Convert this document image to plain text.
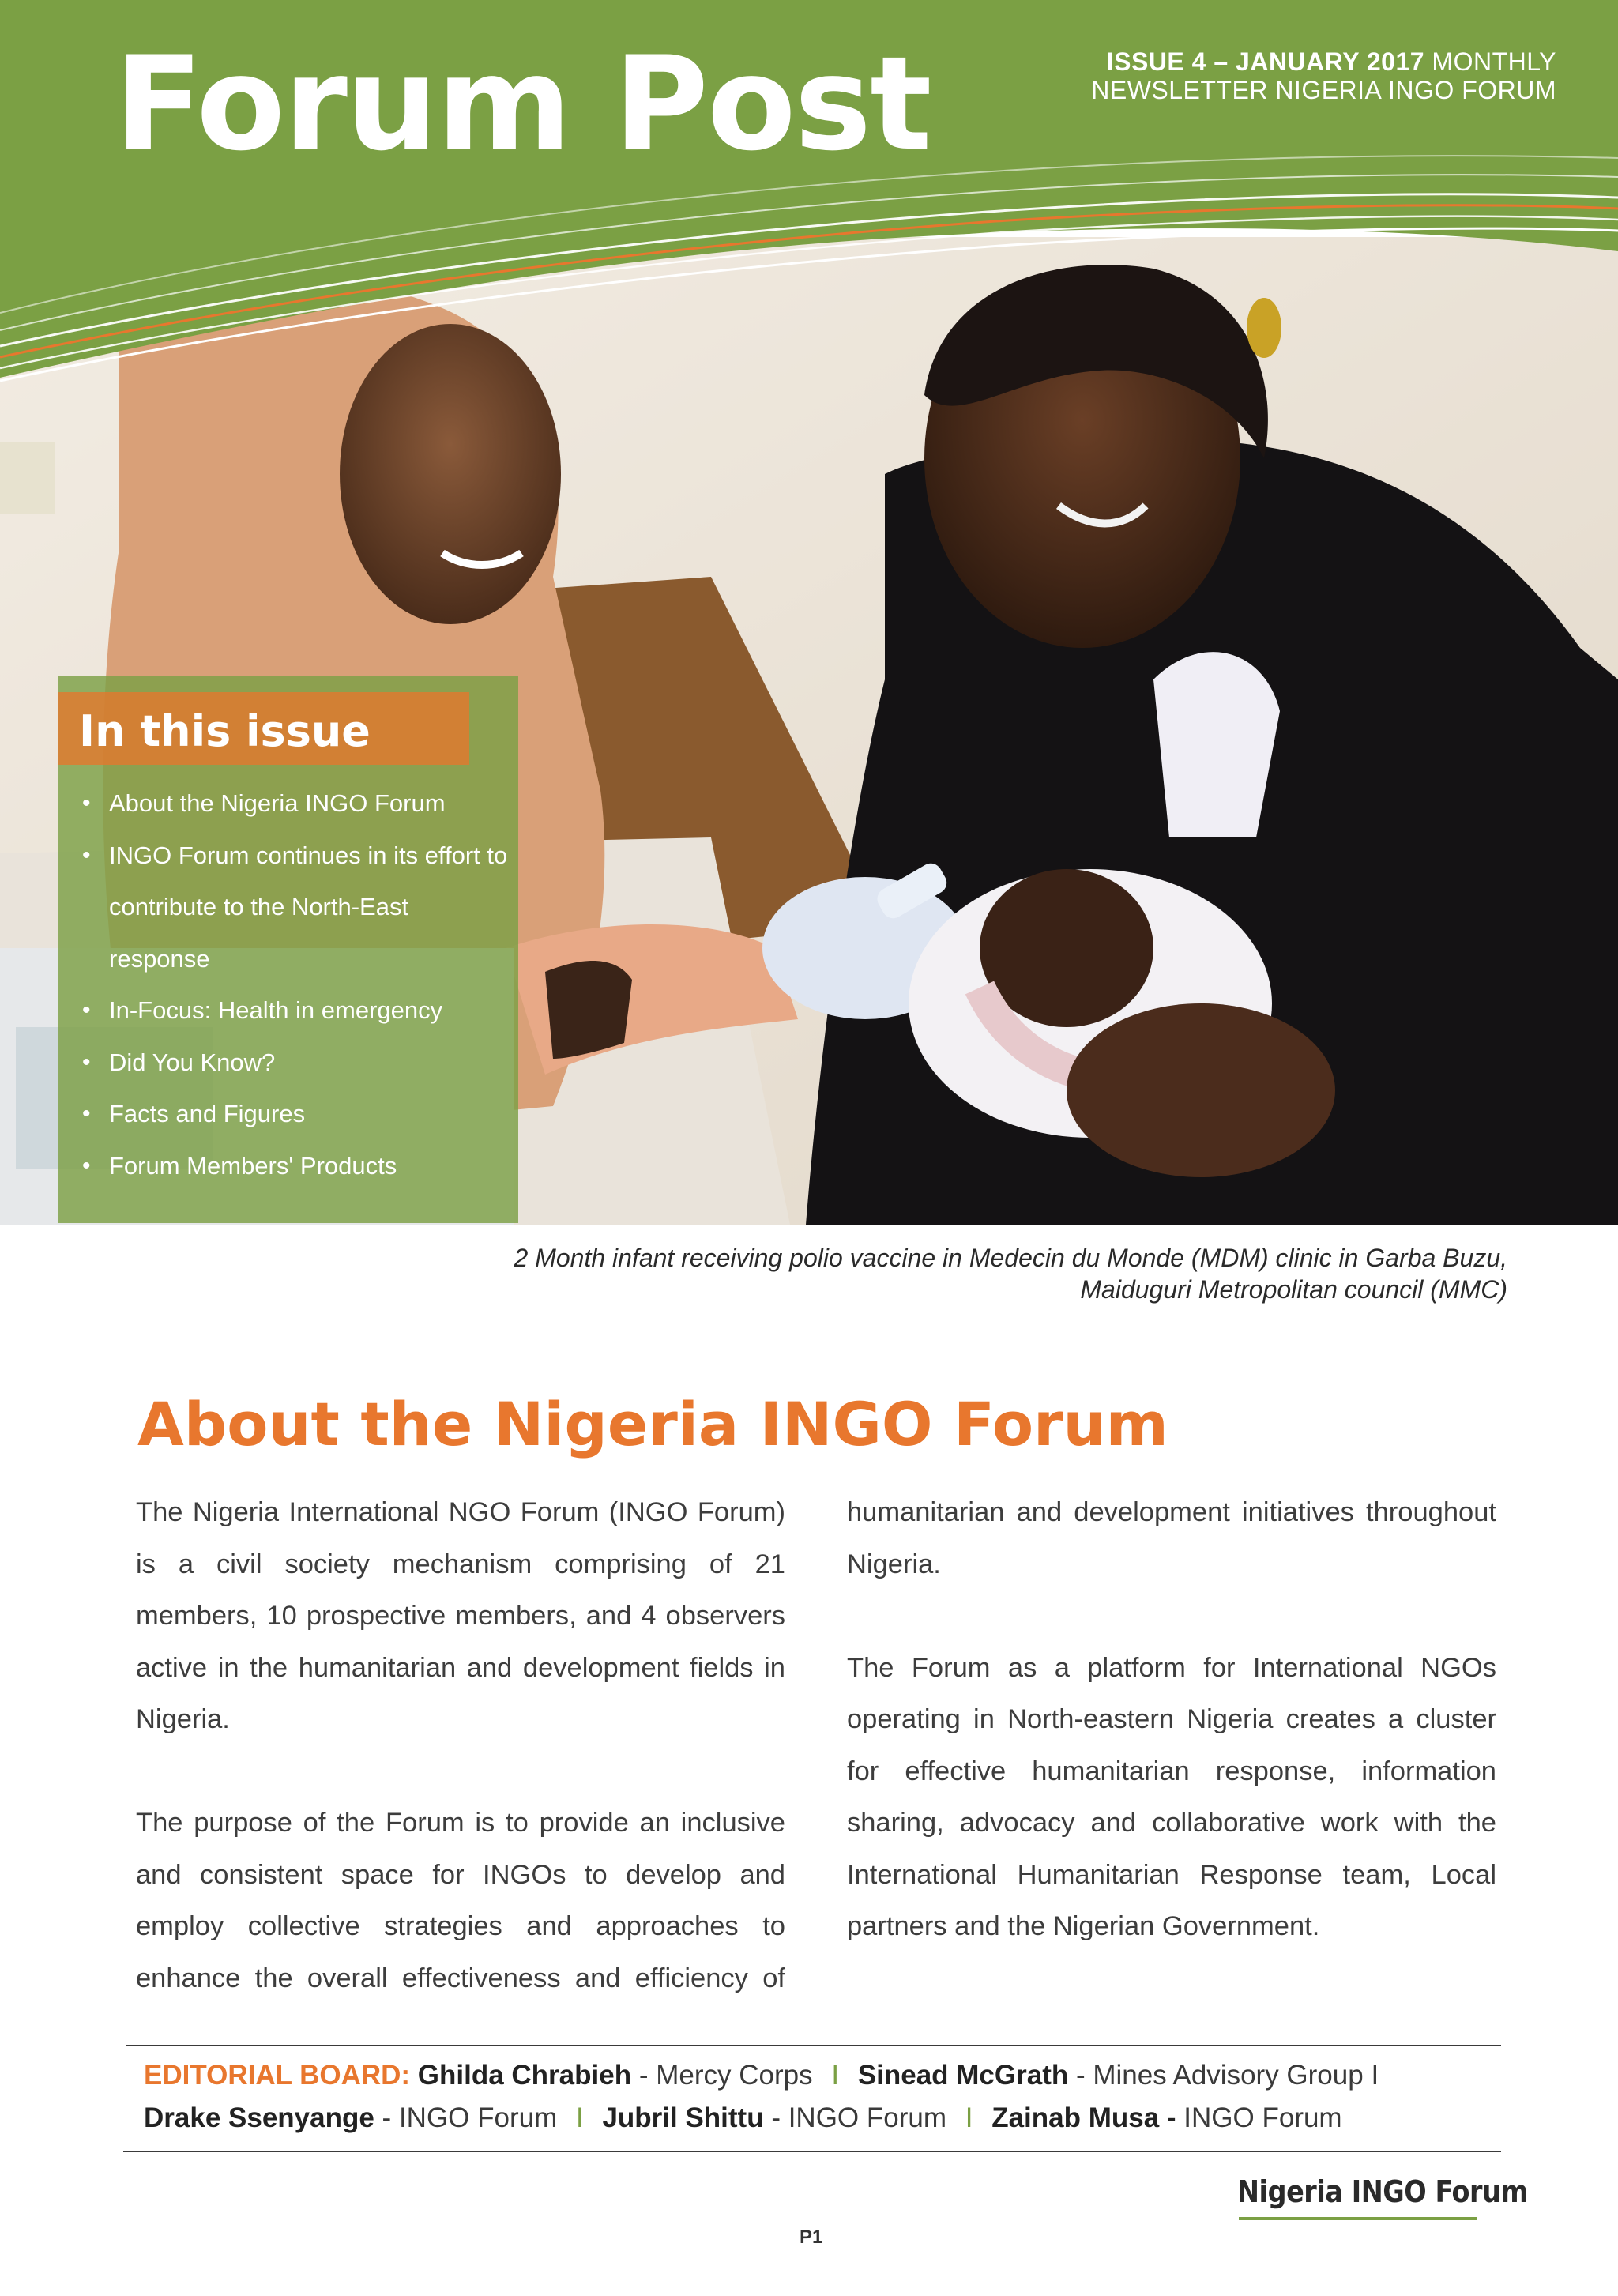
Forum Post	ISSUE 4 – JANUARY 2017 MONTHLY
NEWSLETTER NIGERIA INGO FORUM
In this issue
• About the Nigeria INGO Forum
• INGO Forum continues in its effort to contribute to the North-East response
• In-Focus: Health in emergency
• Did You Know?
• Facts and Figures
• Forum Members' Products
2 Month infant receiving polio vaccine in Medecin du Monde (MDM) clinic in Garba Buzu,
Maiduguri Metropolitan council (MMC)
About the Nigeria INGO Forum

The Nigeria International NGO Forum (INGO Forum) is a civil society mechanism comprising of 21 members, 10 prospective members, and 4 observers active in the humanitarian and development fields in Nigeria.

The purpose of the Forum is to provide an inclusive and consistent space for INGOs to develop and employ collective strategies and approaches to enhance the overall effectiveness and efficiency of

humanitarian and development initiatives throughout Nigeria.

The Forum as a platform for International NGOs operating in North-eastern Nigeria creates a cluster for effective humanitarian response, information sharing, advocacy and collaborative work with the International Humanitarian Response team, Local partners and the Nigerian Government.

EDITORIAL BOARD: Ghilda Chrabieh - Mercy Corps I Sinead McGrath - Mines Advisory Group I
Drake Ssenyange - INGO Forum I Jubril Shittu - INGO Forum I Zainab Musa - INGO Forum
Nigeria INGO Forum
P1
